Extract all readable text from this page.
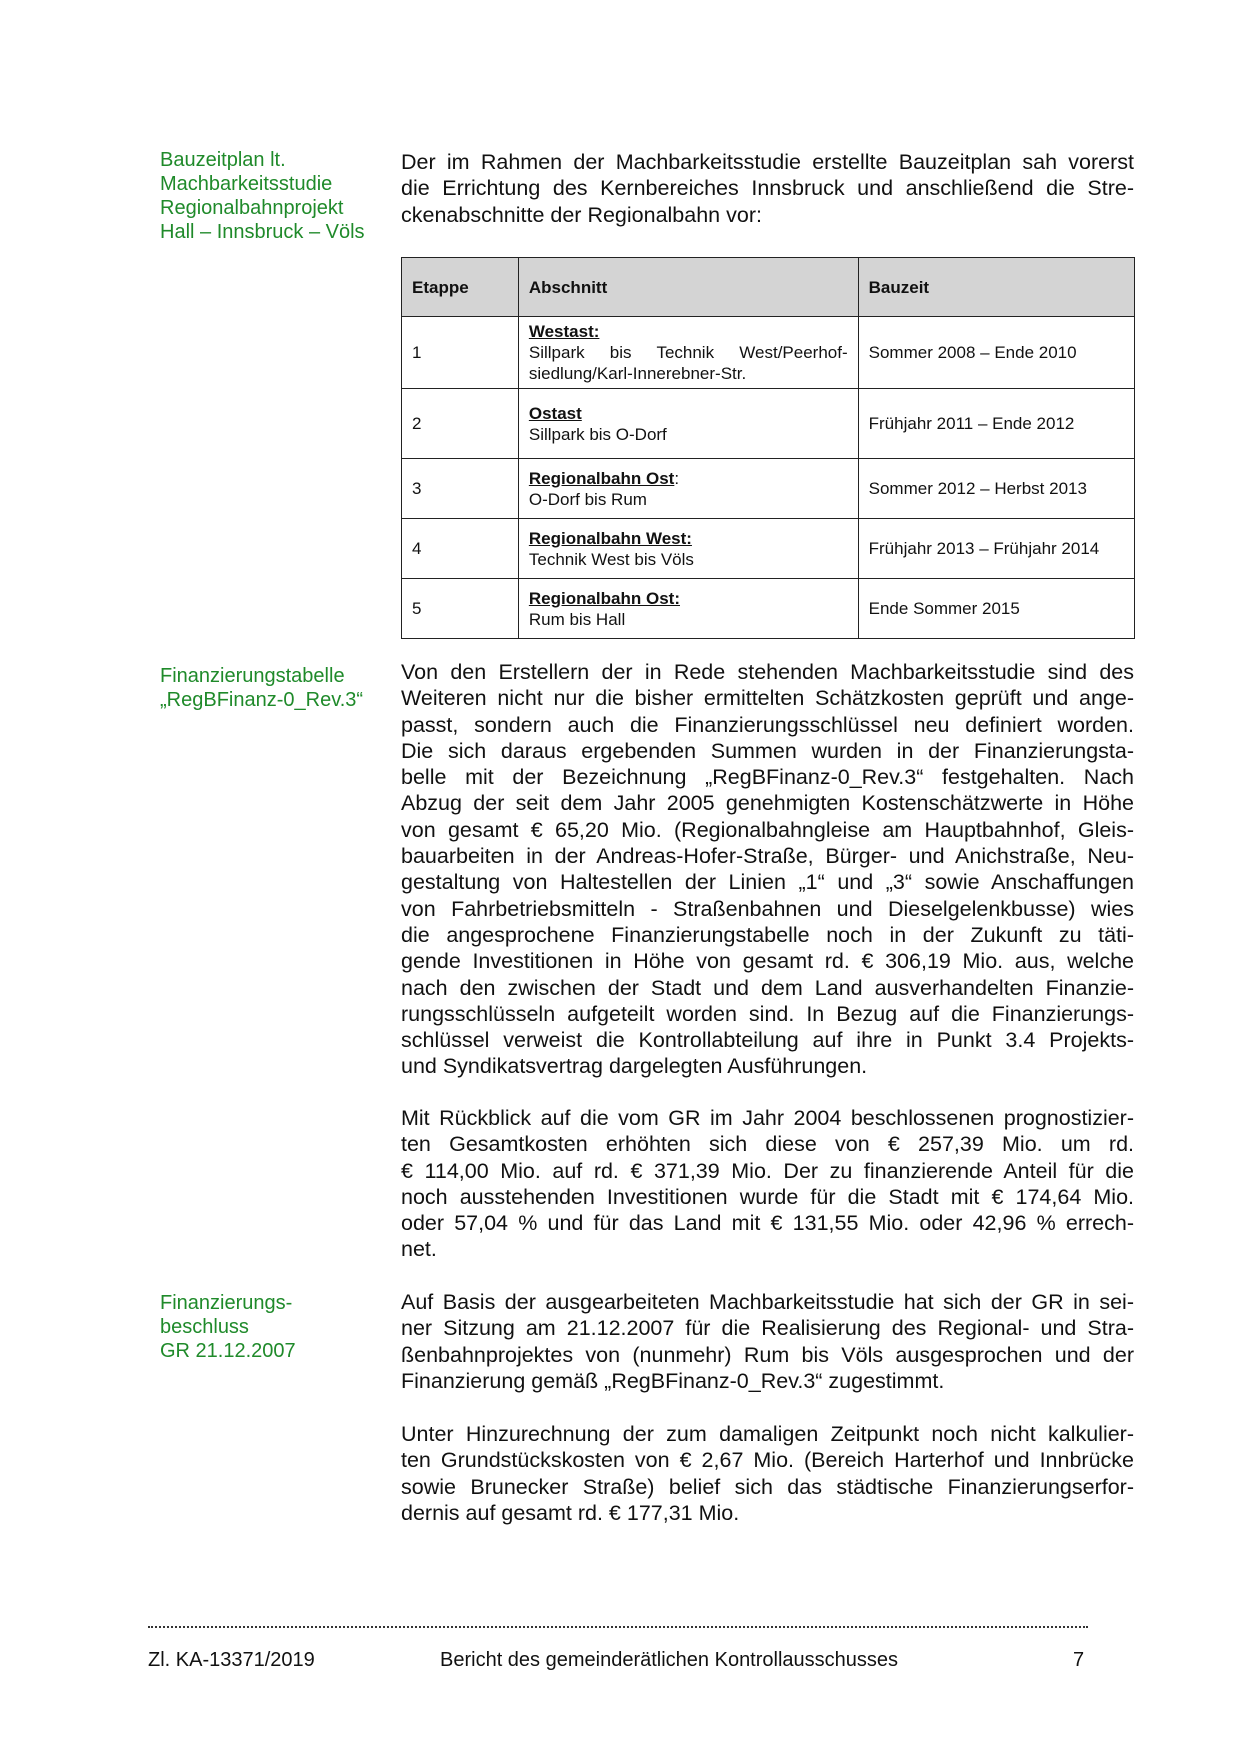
Bauzeitplan lt.
Machbarkeitsstudie
Regionalbahnprojekt
Hall – Innsbruck – Völs
Finanzierungstabelle
„RegBFinanz-0_Rev.3“
Finanzierungs-
beschluss
GR 21.12.2007
Der im Rahmen der Machbarkeitsstudie erstellte Bauzeitplan sah vorerst
die Errichtung des Kernbereiches Innsbruck und anschließend die Stre-
ckenabschnitte der Regionalbahn vor:
Etappe	Abschnitt	Bauzeit
1	Westast:
Sillpark bis Technik West/Peerhof-
siedlung/Karl-Innerebner-Str.	Sommer 2008 – Ende 2010
2	Ostast
Sillpark bis O-Dorf	Frühjahr 2011 – Ende 2012
3	Regionalbahn Ost:
O-Dorf bis Rum	Sommer 2012 – Herbst 2013
4	Regionalbahn West:
Technik West bis Völs	Frühjahr 2013 – Frühjahr 2014
5	Regionalbahn Ost:
Rum bis Hall	Ende Sommer 2015
Von den Erstellern der in Rede stehenden Machbarkeitsstudie sind des
Weiteren nicht nur die bisher ermittelten Schätzkosten geprüft und ange-
passt, sondern auch die Finanzierungsschlüssel neu definiert worden.
Die sich daraus ergebenden Summen wurden in der Finanzierungsta-
belle mit der Bezeichnung „RegBFinanz-0_Rev.3“ festgehalten. Nach
Abzug der seit dem Jahr 2005 genehmigten Kostenschätzwerte in Höhe
von gesamt € 65,20 Mio. (Regionalbahngleise am Hauptbahnhof, Gleis-
bauarbeiten in der Andreas-Hofer-Straße, Bürger- und Anichstraße, Neu-
gestaltung von Haltestellen der Linien „1“ und „3“ sowie Anschaffungen
von Fahrbetriebsmitteln - Straßenbahnen und Dieselgelenkbusse) wies
die angesprochene Finanzierungstabelle noch in der Zukunft zu täti-
gende Investitionen in Höhe von gesamt rd. € 306,19 Mio. aus, welche
nach den zwischen der Stadt und dem Land ausverhandelten Finanzie-
rungsschlüsseln aufgeteilt worden sind. In Bezug auf die Finanzierungs-
schlüssel verweist die Kontrollabteilung auf ihre in Punkt 3.4 Projekts-
und Syndikatsvertrag dargelegten Ausführungen.
Mit Rückblick auf die vom GR im Jahr 2004 beschlossenen prognostizier-
ten Gesamtkosten erhöhten sich diese von € 257,39 Mio. um rd.
€ 114,00 Mio. auf rd. € 371,39 Mio. Der zu finanzierende Anteil für die
noch ausstehenden Investitionen wurde für die Stadt mit € 174,64 Mio.
oder 57,04 % und für das Land mit € 131,55 Mio. oder 42,96 % errech-
net.
Auf Basis der ausgearbeiteten Machbarkeitsstudie hat sich der GR in sei-
ner Sitzung am 21.12.2007 für die Realisierung des Regional- und Stra-
ßenbahnprojektes von (nunmehr) Rum bis Völs ausgesprochen und der
Finanzierung gemäß „RegBFinanz-0_Rev.3“ zugestimmt.
Unter Hinzurechnung der zum damaligen Zeitpunkt noch nicht kalkulier-
ten Grundstückskosten von € 2,67 Mio. (Bereich Harterhof und Innbrücke
sowie Brunecker Straße) belief sich das städtische Finanzierungserfor-
dernis auf gesamt rd. € 177,31 Mio.
Zl. KA-13371/2019	Bericht des gemeinderätlichen Kontrollausschusses	7
